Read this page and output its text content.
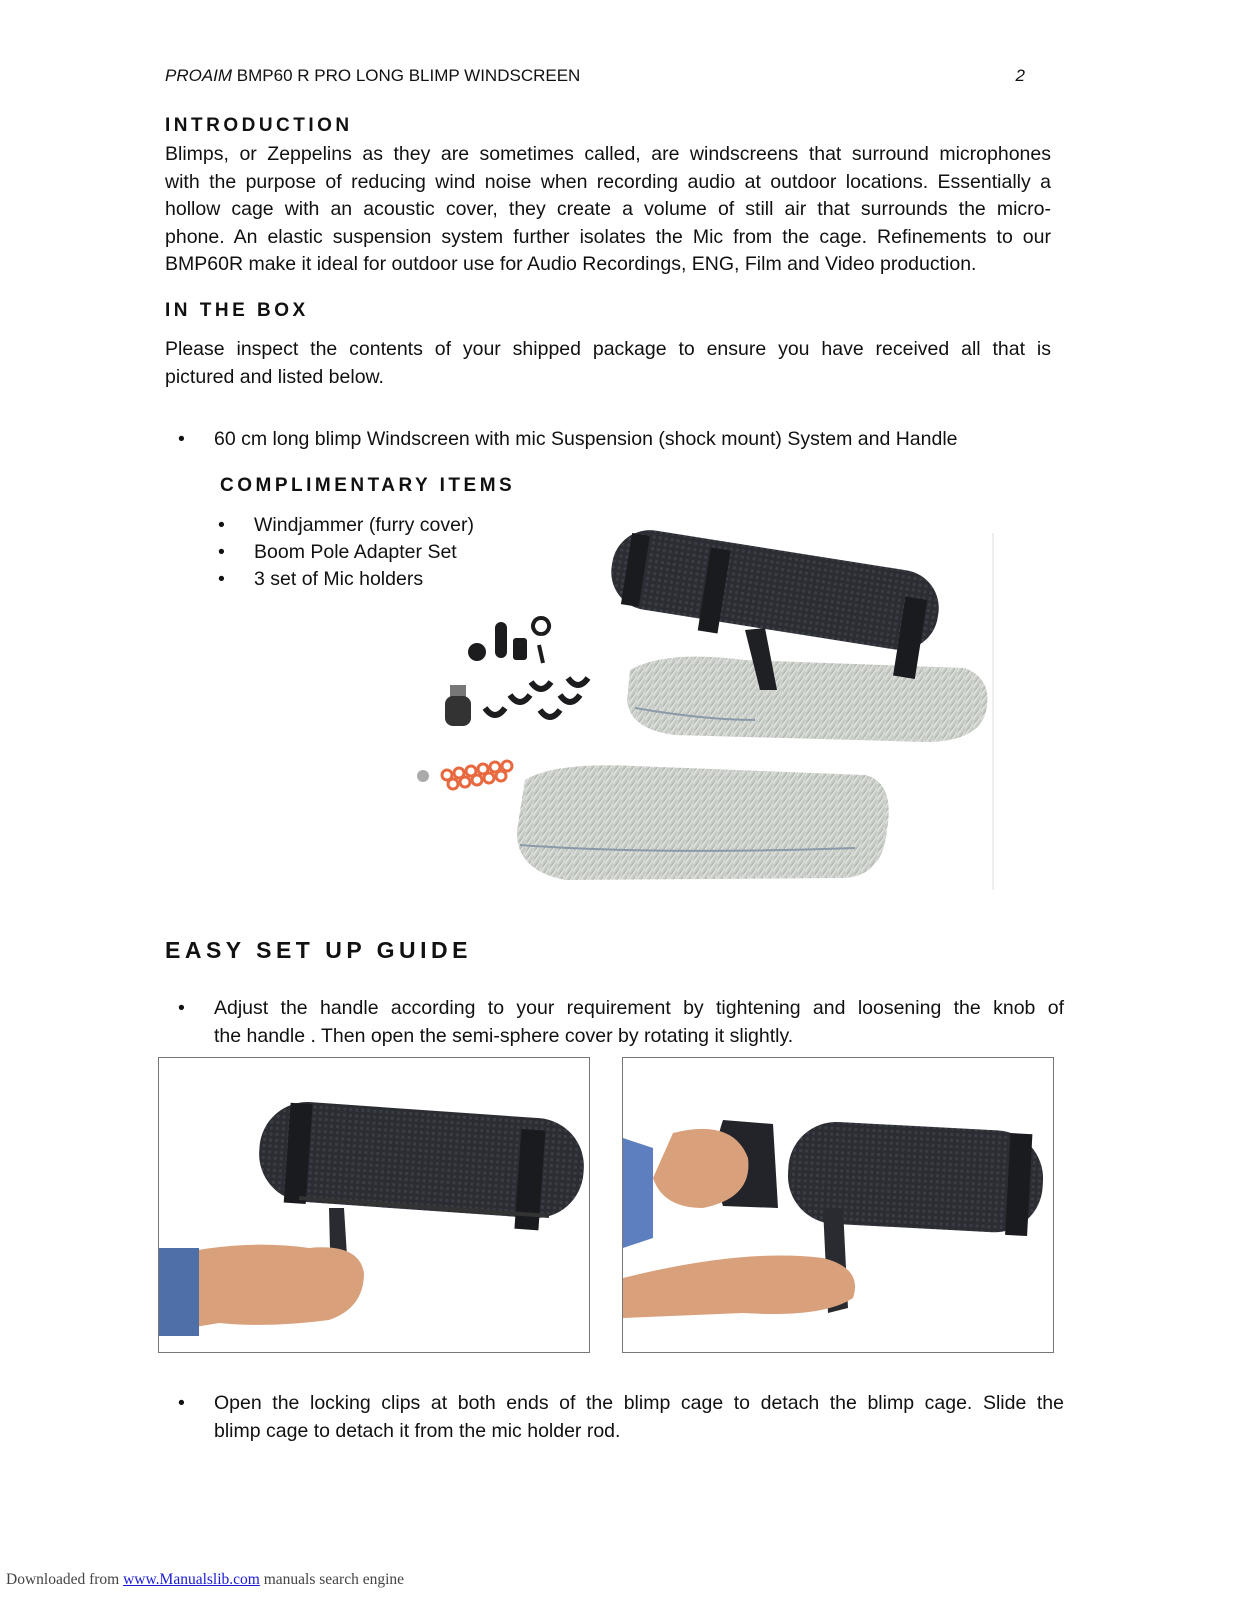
PROAIM BMP60 R PRO LONG BLIMP WINDSCREEN	2
INTRODUCTION
Blimps, or Zeppelins as they are sometimes called, are windscreens that surround microphones
with the purpose of reducing wind noise when recording audio at outdoor locations. Essentially a
hollow cage with an acoustic cover, they create a volume of still air that surrounds the micro-
phone. An elastic suspension system further isolates the Mic from the cage. Refinements to our
BMP60R make it ideal for outdoor use for Audio Recordings, ENG, Film and Video production.
IN THE BOX
Please inspect the contents of your shipped package to ensure you have received all that is
pictured and listed below.
• 60 cm long blimp Windscreen with mic Suspension (shock mount) System and Handle
COMPLIMENTARY ITEMS
• Windjammer (furry cover)
• Boom Pole Adapter Set
• 3 set of Mic holders
EASY SET UP GUIDE
• Adjust the handle according to your requirement by tightening and loosening the knob of
the handle . Then open the semi-sphere cover by rotating it slightly.
• Open the locking clips at both ends of the blimp cage to detach the blimp cage. Slide the
blimp cage to detach it from the mic holder rod.
Downloaded from www.Manualslib.com manuals search engine
